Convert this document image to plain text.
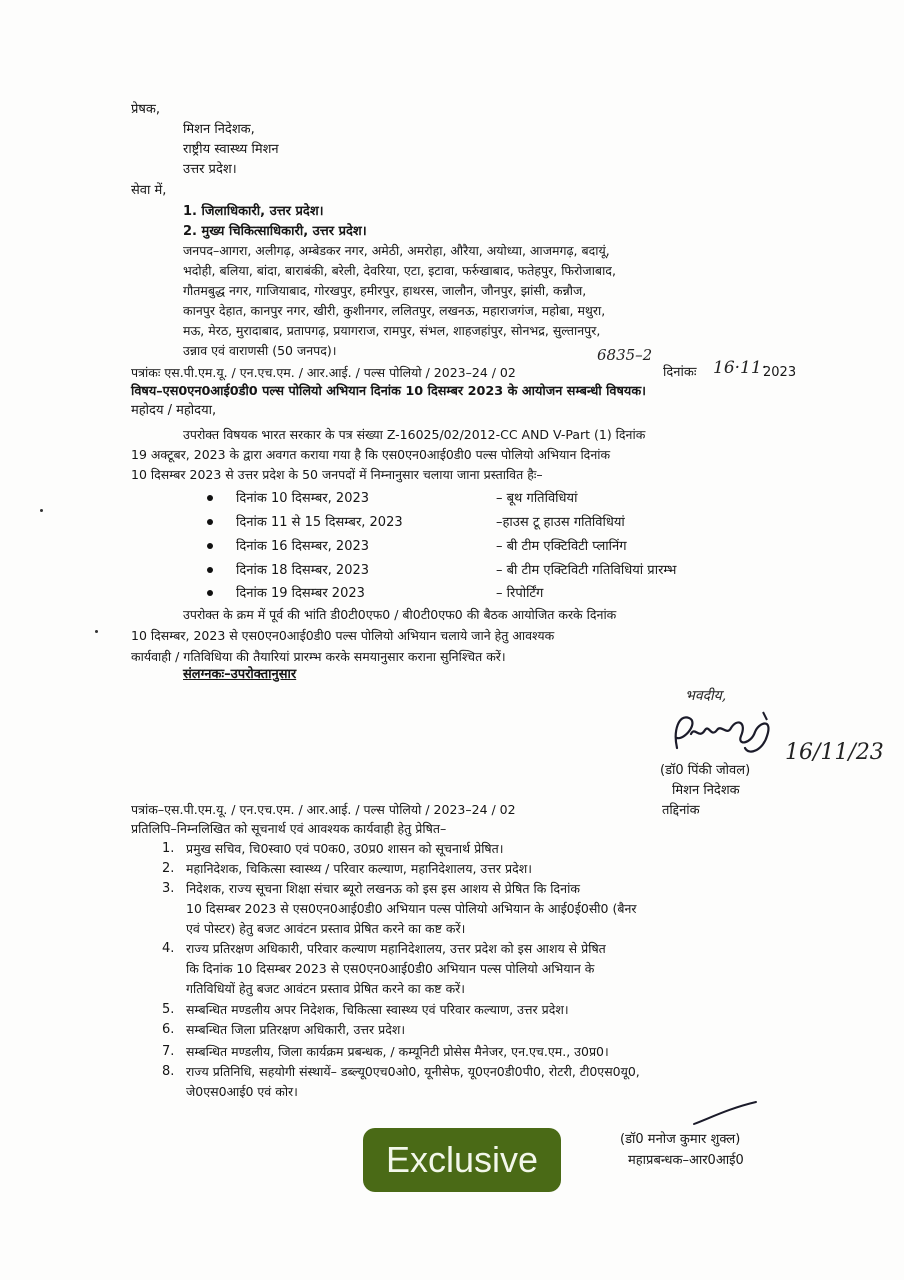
प्रेषक,
मिशन निदेशक,
राष्ट्रीय स्वास्थ्य मिशन
उत्तर प्रदेश।
सेवा में,
1. जिलाधिकारी, उत्तर प्रदेश।
2. मुख्य चिकित्साधिकारी, उत्तर प्रदेश।
जनपद–आगरा, अलीगढ़, अम्बेडकर नगर, अमेठी, अमरोहा, औरैया, अयोध्या, आजमगढ़, बदायूं,
भदोही, बलिया, बांदा, बाराबंकी, बरेली, देवरिया, एटा, इटावा, फर्रुखाबाद, फतेहपुर, फिरोजाबाद,
गौतमबुद्ध नगर, गाजियाबाद, गोरखपुर, हमीरपुर, हाथरस, जालौन, जौनपुर, झांसी, कन्नौज,
कानपुर देहात, कानपुर नगर, खीरी, कुशीनगर, ललितपुर, लखनऊ, महाराजगंज, महोबा, मथुरा,
मऊ, मेरठ, मुरादाबाद, प्रतापगढ़, प्रयागराज, रामपुर, संभल, शाहजहांपुर, सोनभद्र, सुल्तानपुर,
उन्नाव एवं वाराणसी (50 जनपद)।	6835–2
पत्रांकः एस.पी.एम.यू. / एन.एच.एम. / आर.आई. / पल्स पोलियो / 2023–24 / 02	दिनांकः 16·11·
2023
विषय–एस0एन0आई0डी0 पल्स पोलियो अभियान दिनांक 10 दिसम्बर 2023 के आयोजन सम्बन्धी विषयक।
महोदय / महोदया,
उपरोक्त विषयक भारत सरकार के पत्र संख्या Z-16025/02/2012-CC AND V-Part (1) दिनांक
19 अक्टूबर, 2023 के द्वारा अवगत कराया गया है कि एस0एन0आई0डी0 पल्स पोलियो अभियान दिनांक
10 दिसम्बर 2023 से उत्तर प्रदेश के 50 जनपदों में निम्नानुसार चलाया जाना प्रस्तावित हैः–
दिनांक 10 दिसम्बर, 2023	– बूथ गतिविधियां
दिनांक 11 से 15 दिसम्बर, 2023	–हाउस टू हाउस गतिविधियां
दिनांक 16 दिसम्बर, 2023	– बी टीम एक्टिविटी प्लानिंग
दिनांक 18 दिसम्बर, 2023	– बी टीम एक्टिविटी गतिविधियां प्रारम्भ
दिनांक 19 दिसम्बर 2023	– रिपोर्टिंग
उपरोक्त के क्रम में पूर्व की भांति डी0टी0एफ0 / बी0टी0एफ0 की बैठक आयोजित करके दिनांक
10 दिसम्बर, 2023 से एस0एन0आई0डी0 पल्स पोलियो अभियान चलाये जाने हेतु आवश्यक
कार्यवाही / गतिविधिया की तैयारियां प्रारम्भ करके समयानुसार कराना सुनिश्चित करें।
संलग्नकः–उपरोक्तानुसार
भवदीय,
16/11/23
(डॉ0 पिंकी जोवल)
मिशन निदेशक
पत्रांक–एस.पी.एम.यू. / एन.एच.एम. / आर.आई. / पल्स पोलियो / 2023–24 / 02	तद्दिनांक
प्रतिलिपि–निम्नलिखित को सूचनार्थ एवं आवश्यक कार्यवाही हेतु प्रेषित–
1. प्रमुख सचिव, चि0स्वा0 एवं प0क0, उ0प्र0 शासन को सूचनार्थ प्रेषित।
2. महानिदेशक, चिकित्सा स्वास्थ्य / परिवार कल्याण, महानिदेशालय, उत्तर प्रदेश।
3. निदेशक, राज्य सूचना शिक्षा संचार ब्यूरो लखनऊ को इस इस आशय से प्रेषित कि दिनांक
10 दिसम्बर 2023 से एस0एन0आई0डी0 अभियान पल्स पोलियो अभियान के आई0ई0सी0 (बैनर
एवं पोस्टर) हेतु बजट आवंटन प्रस्ताव प्रेषित करने का कष्ट करें।
4. राज्य प्रतिरक्षण अधिकारी, परिवार कल्याण महानिदेशालय, उत्तर प्रदेश को इस आशय से प्रेषित
कि दिनांक 10 दिसम्बर 2023 से एस0एन0आई0डी0 अभियान पल्स पोलियो अभियान के
गतिविधियों हेतु बजट आवंटन प्रस्ताव प्रेषित करने का कष्ट करें।
5. सम्बन्धित मण्डलीय अपर निदेशक, चिकित्सा स्वास्थ्य एवं परिवार कल्याण, उत्तर प्रदेश।
6. सम्बन्धित जिला प्रतिरक्षण अधिकारी, उत्तर प्रदेश।
7. सम्बन्धित मण्डलीय, जिला कार्यक्रम प्रबन्धक, / कम्यूनिटी प्रोसेस मैनेजर, एन.एच.एम., उ0प्र0।
8. राज्य प्रतिनिधि, सहयोगी संस्थायें– डब्ल्यू0एच0ओ0, यूनीसेफ, यू0एन0डी0पी0, रोटरी, टी0एस0यू0,
जे0एस0आई0 एवं कोर।
(डॉ0 मनोज कुमार शुक्ल)
महाप्रबन्धक–आर0आई0
Exclusive
